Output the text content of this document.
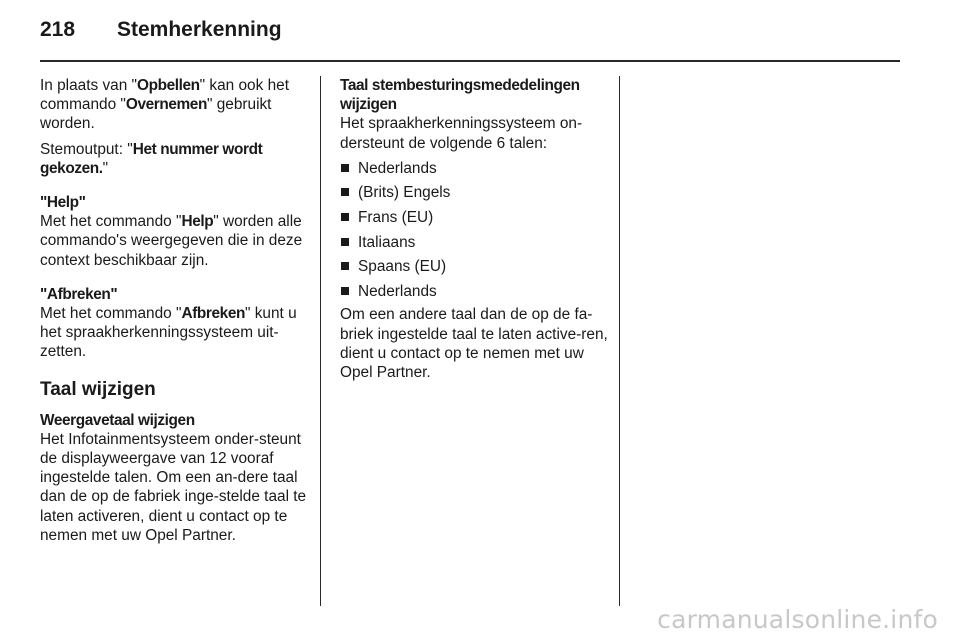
218	Stemherkenning

In plaats van "Opbellen" kan ook het commando "Overnemen" gebruikt worden.

Stemoutput: "Het nummer wordt gekozen."

"Help"

Met het commando "Help" worden alle commando's weergegeven die in deze context beschikbaar zijn.

"Afbreken"

Met het commando "Afbreken" kunt u het spraakherkenningssysteem uit-zetten.

Taal wijzigen

Weergavetaal wijzigen

Het Infotainmentsysteem onder-steunt de displayweergave van 12 vooraf ingestelde talen. Om een an-dere taal dan de op de fabriek inge-stelde taal te laten activeren, dient u contact op te nemen met uw Opel Partner.

Taal stembesturingsmededelingen wijzigen

Het spraakherkenningssysteem on-dersteunt de volgende 6 talen:

Nederlands
(Brits) Engels
Frans (EU)
Italiaans
Spaans (EU)
Nederlands

Om een andere taal dan de op de fa-briek ingestelde taal te laten active-ren, dient u contact op te nemen met uw Opel Partner.

carmanualsonline.info
